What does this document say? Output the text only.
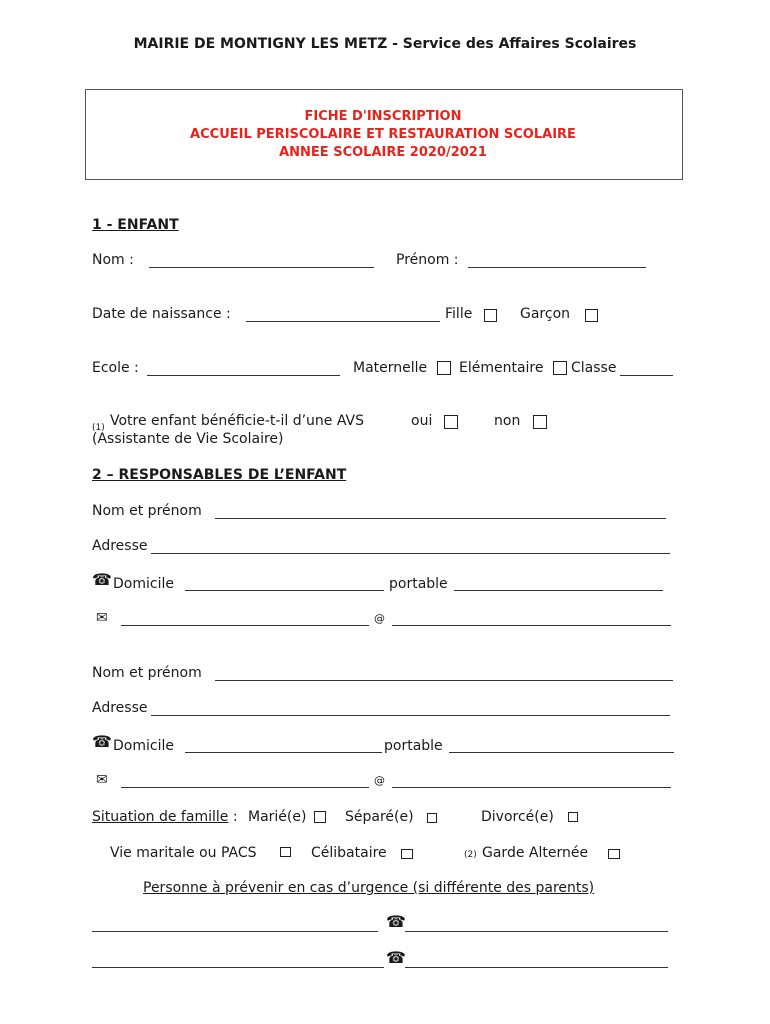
MAIRIE DE MONTIGNY LES METZ - Service des Affaires Scolaires
FICHE D'INSCRIPTION
ACCUEIL PERISCOLAIRE ET RESTAURATION SCOLAIRE
ANNEE SCOLAIRE 2020/2021
1 - ENFANT
Nom :	Prénom :
Date de naissance :	Fille	Garçon
Ecole :	Maternelle Elémentaire Classe
(1) Votre enfant bénéficie-t-il d’une AVS
(Assistante de Vie Scolaire)
oui	non
2 – RESPONSABLES DE L’ENFANT
Nom et prénom
Adresse
☎ Domicile	portable
✉	@
Nom et prénom
Adresse
☎ Domicile	portable
✉	@
Situation de famille : Marié(e)	Séparé(e)	Divorcé(e)
Vie maritale ou PACS	Célibataire	(2) Garde Alternée
Personne à prévenir en cas d’urgence (si différente des parents)
☎
☎
